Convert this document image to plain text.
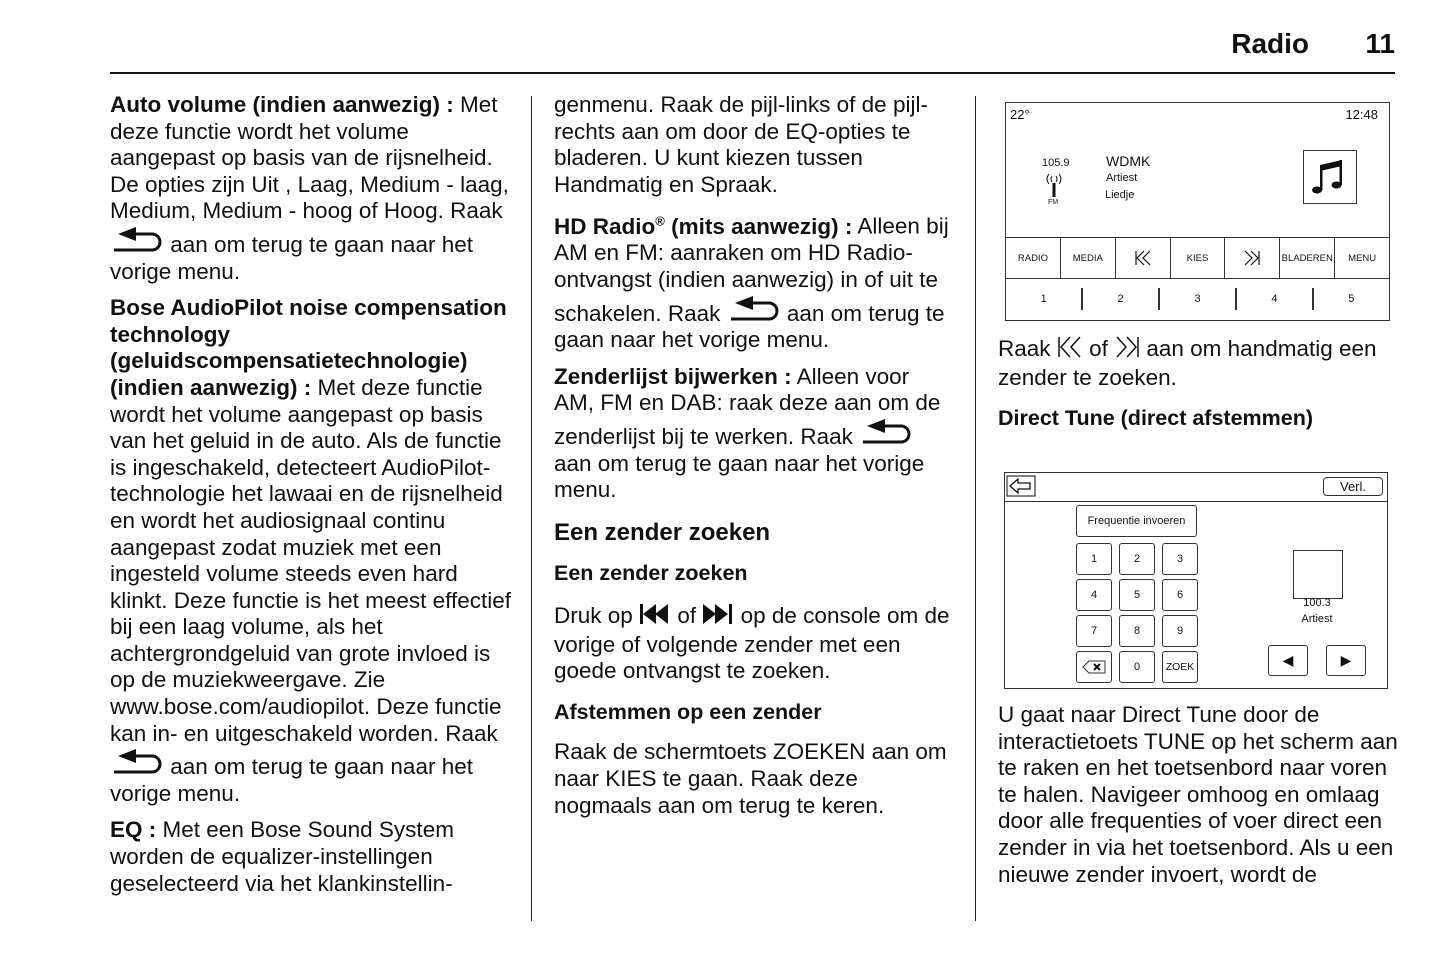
Radio 11

Auto volume (indien aanwezig) : Met deze functie wordt het volume aangepast op basis van de rijsnelheid. De opties zijn Uit , Laag, Medium - laag, Medium, Medium - hoog of Hoog. Raak  aan om terug te gaan naar het vorige menu.

Bose AudioPilot noise compensation technology (geluidscompensatietechnologie) (indien aanwezig) : Met deze functie wordt het volume aangepast op basis van het geluid in de auto. Als de functie is ingeschakeld, detecteert AudioPilot-technologie het lawaai en de rijsnelheid en wordt het audiosignaal continu aangepast zodat muziek met een ingesteld volume steeds even hard klinkt. Deze functie is het meest effectief bij een laag volume, als het achtergrondgeluid van grote invloed is op de muziekweergave. Zie www.bose.com/audiopilot. Deze functie kan in- en uitgeschakeld worden. Raak  aan om terug te gaan naar het vorige menu.

EQ : Met een Bose Sound System worden de equalizer-instellingen geselecteerd via het klankinstellin-

genmenu. Raak de pijl-links of de pijl-rechts aan om door de EQ-opties te bladeren. U kunt kiezen tussen Handmatig en Spraak.

HD Radio® (mits aanwezig) : Alleen bij AM en FM: aanraken om HD Radio-ontvangst (indien aanwezig) in of uit te schakelen. Raak	aan om terug te gaan naar het vorige menu.

Zenderlijst bijwerken : Alleen voor AM, FM en DAB: raak deze aan om de zenderlijst bij te werken. Raak  aan om terug te gaan naar het vorige menu.

Een zender zoeken
Een zender zoeken

Druk op of op de console om de vorige of volgende zender met een goede ontvangst te zoeken.

Afstemmen op een zender

Raak de schermtoets ZOEKEN aan om naar KIES te gaan. Raak deze nogmaals aan om terug te keren.

22°	12:48
105.9
FM
WDMK
Artiest
Liedje
RADIO	MEDIA	KIES	BLADEREN	MENU
1	2	3	4	5

Raak of aan om handmatig een zender te zoeken.

Direct Tune (direct afstemmen)
Verl.
Frequentie invoeren
1	2	3
4	5	6
7	8	9
0	ZOEK
100.3
Artiest
◀	▶

U gaat naar Direct Tune door de interactietoets TUNE op het scherm aan te raken en het toetsenbord naar voren te halen. Navigeer omhoog en omlaag door alle frequenties of voer direct een zender in via het toetsenbord. Als u een nieuwe zender invoert, wordt de
